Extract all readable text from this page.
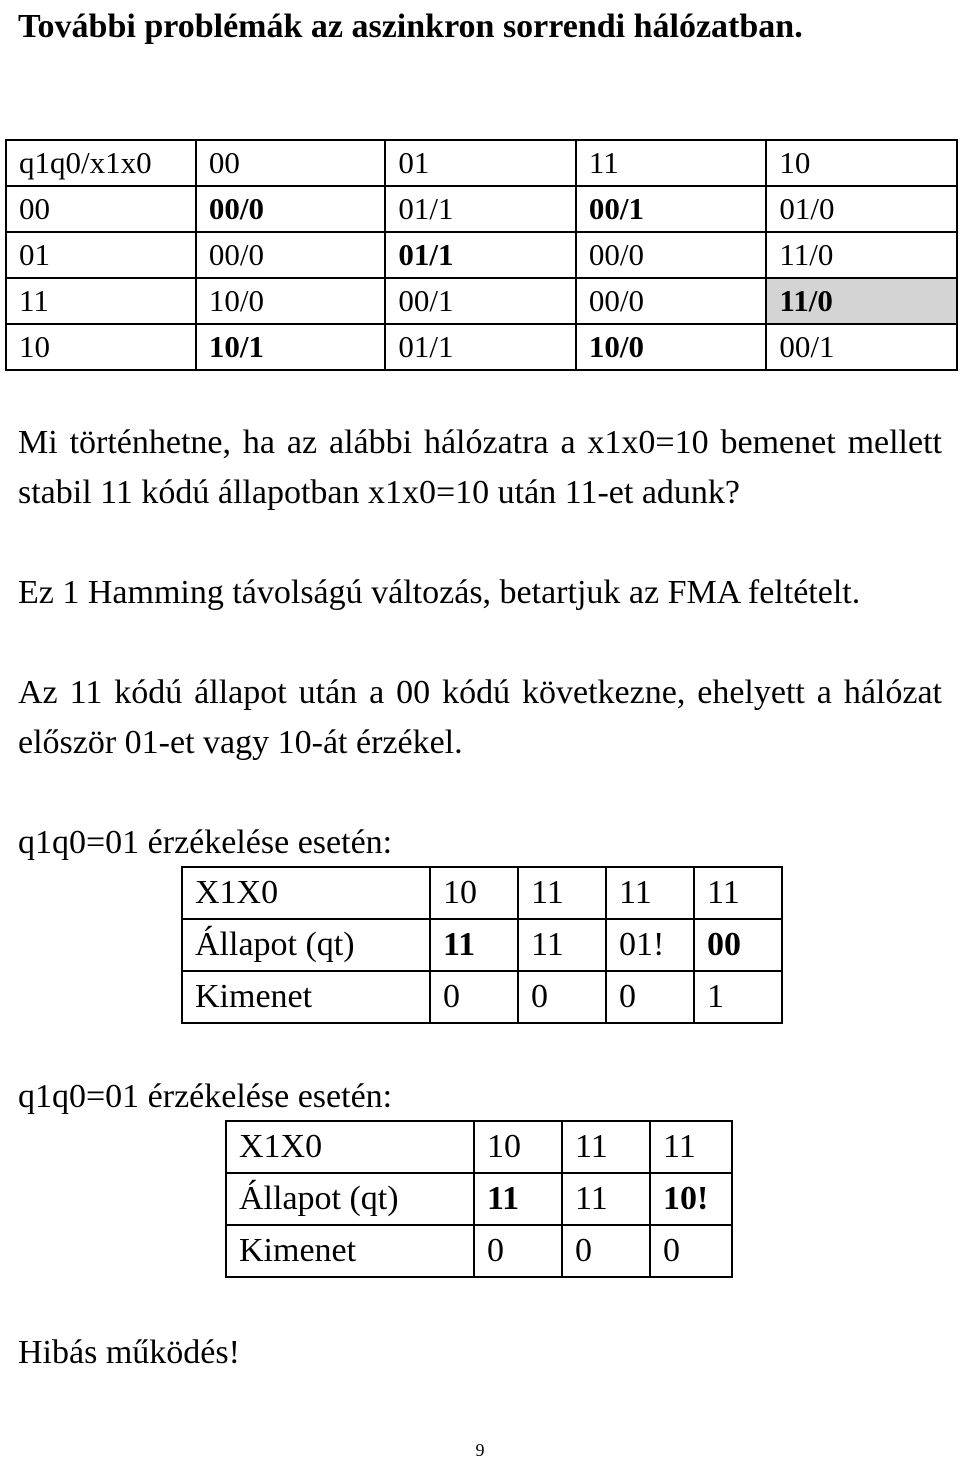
További problémák az aszinkron sorrendi hálózatban.
q1q0/x1x0	00	01	11	10
00	00/0	01/1	00/1	01/0
01	00/0	01/1	00/0	11/0
11	10/0	00/1	00/0	11/0
10	10/1	01/1	10/0	00/1
Mi történhetne, ha az alábbi hálózatra a x1x0=10 bemenet mellett stabil 11 kódú állapotban x1x0=10 után 11-et adunk?
Ez 1 Hamming távolságú változás, betartjuk az FMA feltételt.
Az 11 kódú állapot után a 00 kódú következne, ehelyett a hálózat először 01-et vagy 10-át érzékel.
q1q0=01 érzékelése esetén:
X1X0	10	11	11	11
Állapot (qt)	11	11	01!	00
Kimenet	0	0	0	1
q1q0=01 érzékelése esetén:
X1X0	10	11	11
Állapot (qt)	11	11	10!
Kimenet	0	0	0
Hibás működés!
9
